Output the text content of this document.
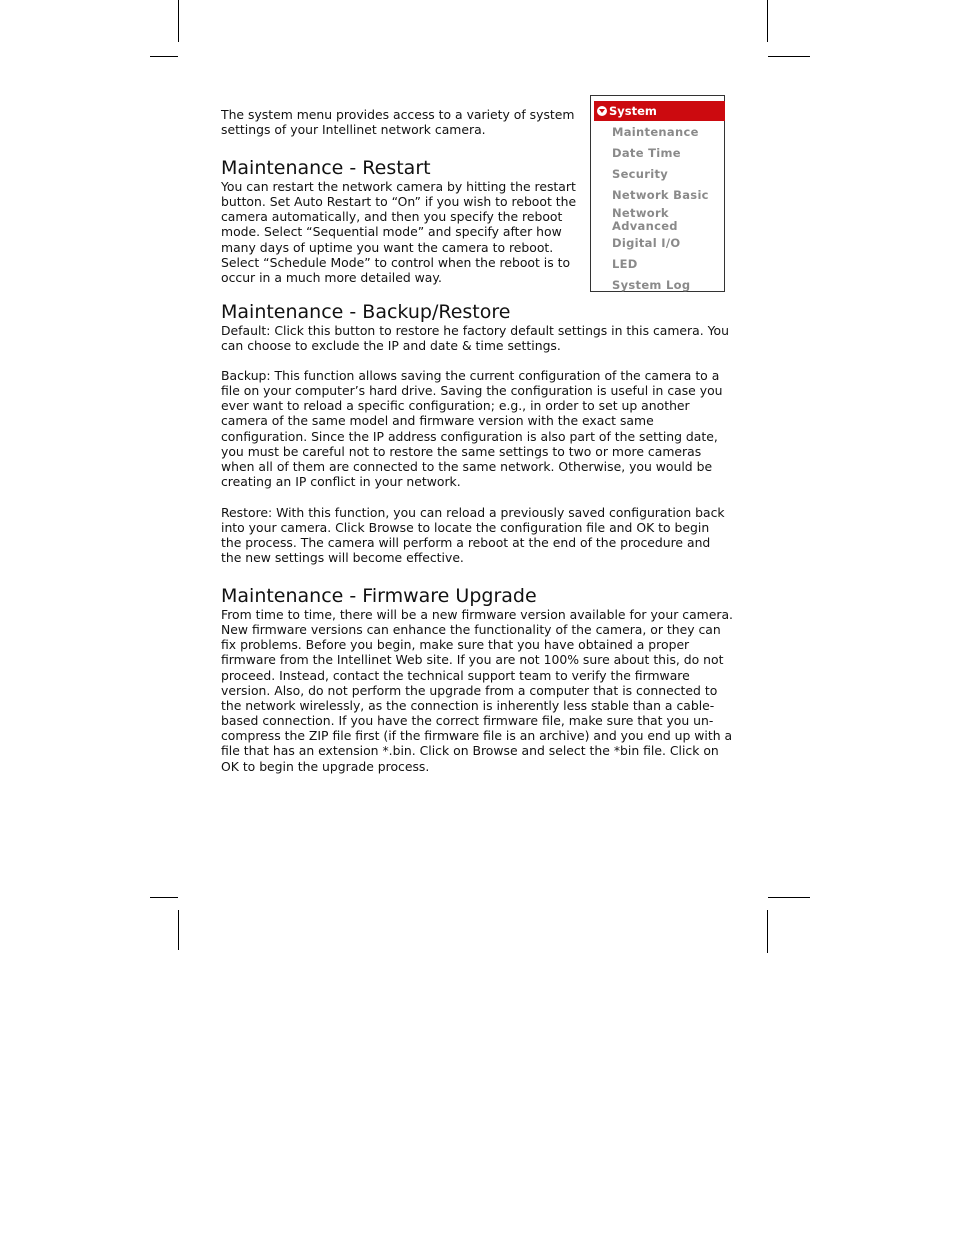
The system menu provides access to a variety of system settings of your Intellinet network camera.

Maintenance - Restart

You can restart the network camera by hitting the restart button. Set Auto Restart to “On” if you wish to reboot the camera automatically, and then you specify the reboot mode. Select “Sequential mode” and specify after how many days of uptime you want the camera to reboot. Select “Schedule Mode” to control when the reboot is to occur in a much more detailed way.

Maintenance - Backup/Restore

Default: Click this button to restore he factory default settings in this camera. You can choose to exclude the IP and date & time settings.

Backup: This function allows saving the current configuration of the camera to a file on your computer’s hard drive. Saving the configuration is useful in case you ever want to reload a specific configuration; e.g., in order to set up another camera of the same model and firmware version with the exact same configuration. Since the IP address configuration is also part of the setting date, you must be careful not to restore the same settings to two or more cameras when all of them are connected to the same network. Otherwise, you would be creating an IP conflict in your network.

Restore: With this function, you can reload a previously saved configuration back into your camera. Click Browse to locate the configuration file and OK to begin the process. The camera will perform a reboot at the end of the procedure and the new settings will become effective.

Maintenance - Firmware Upgrade

From time to time, there will be a new firmware version available for your camera. New firmware versions can enhance the functionality of the camera, or they can fix problems. Before you begin, make sure that you have obtained a proper firmware from the Intellinet Web site. If you are not 100% sure about this, do not proceed. Instead, contact the technical support team to verify the firmware version. Also, do not perform the upgrade from a computer that is connected to the network wirelessly, as the connection is inherently less stable than a cable-based connection. If you have the correct firmware file, make sure that you un-compress the ZIP file first (if the firmware file is an archive) and you end up with a file that has an extension *.bin. Click on Browse and select the *bin file. Click on OK to begin the upgrade process.

System
Maintenance
Date Time
Security
Network Basic
Network
Advanced
Digital I/O
LED
System Log
